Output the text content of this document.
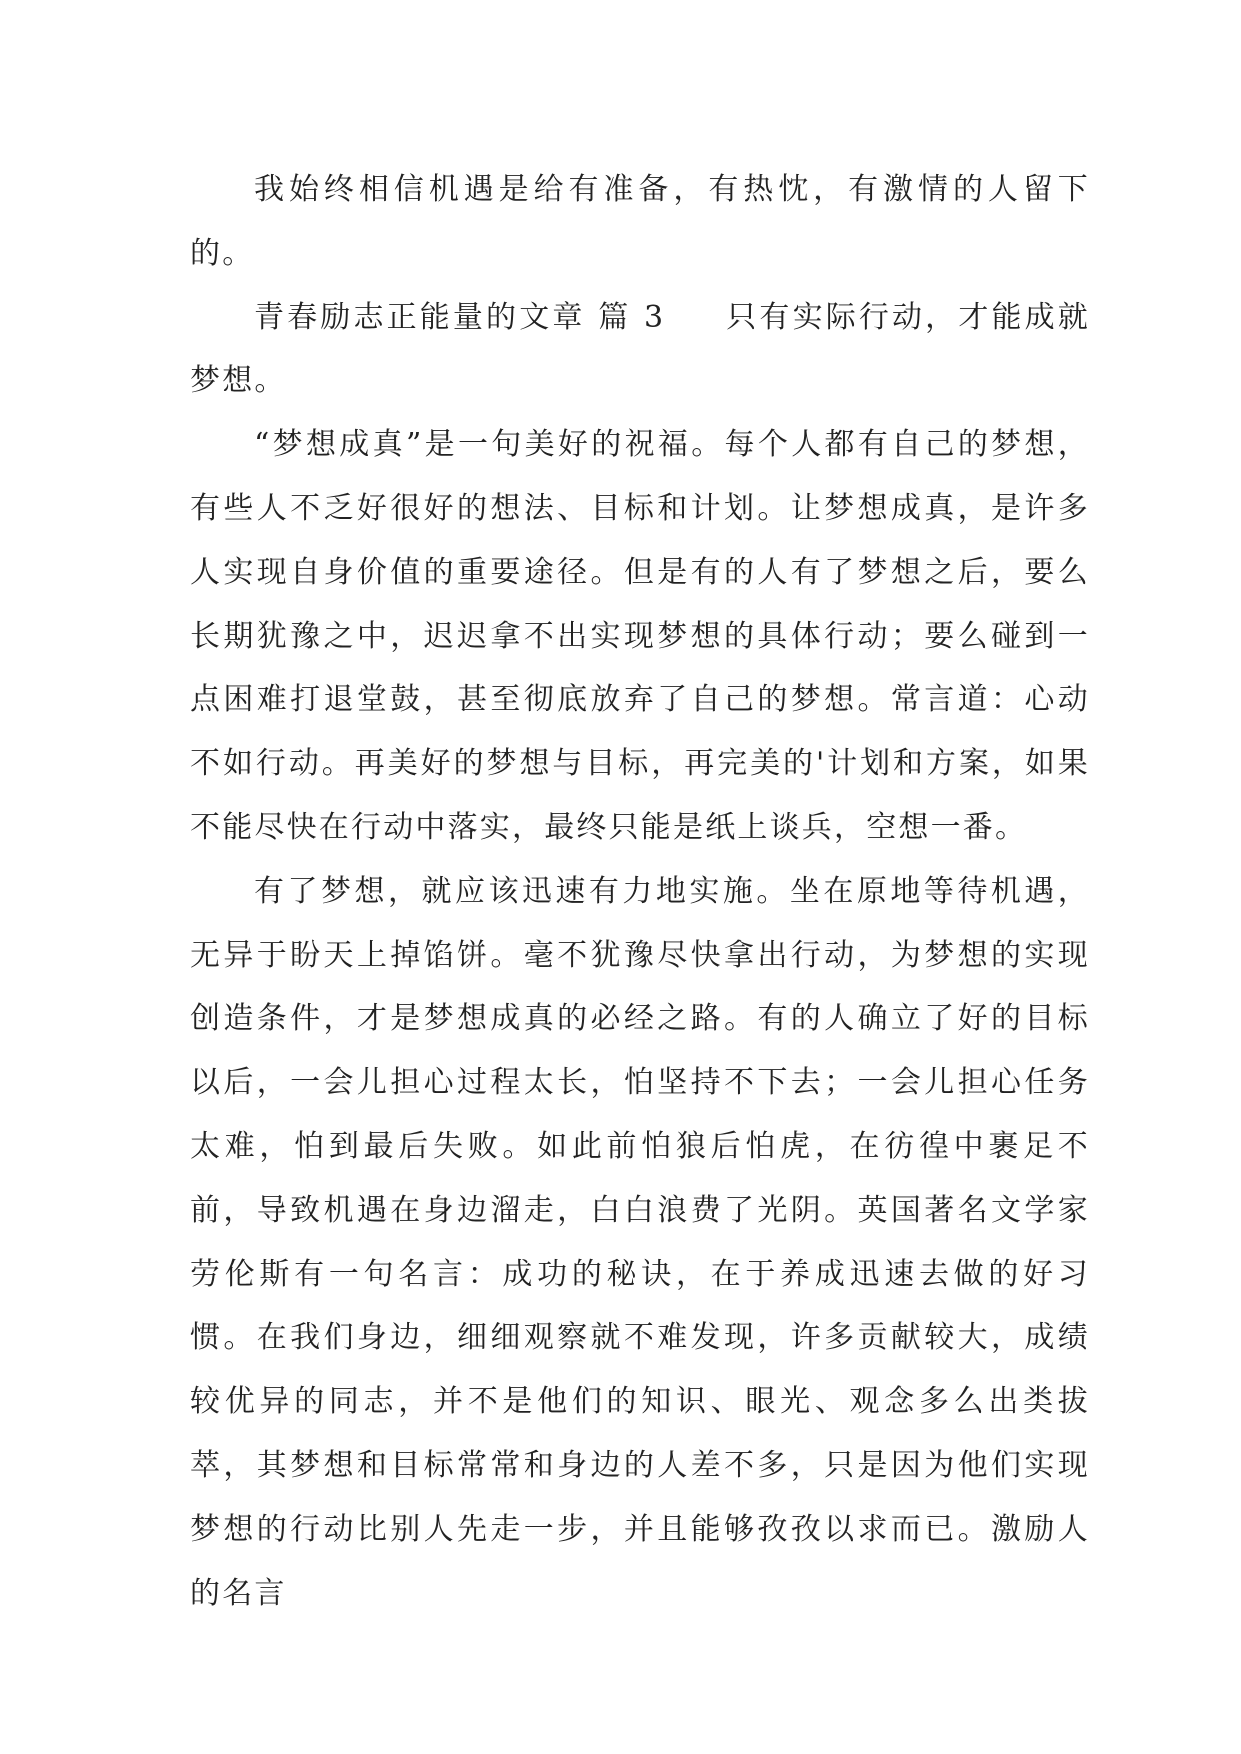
我始终相信机遇是给有准备，有热忱，有激情的人留下的。

青春励志正能量的文章 篇 3 只有实际行动，才能成就梦想。

“梦想成真”是一句美好的祝福。每个人都有自己的梦想，有些人不乏好很好的想法、目标和计划。让梦想成真，是许多人实现自身价值的重要途径。但是有的人有了梦想之后，要么长期犹豫之中，迟迟拿不出实现梦想的具体行动；要么碰到一点困难打退堂鼓，甚至彻底放弃了自己的梦想。常言道：心动不如行动。再美好的梦想与目标，再完美的'计划和方案，如果不能尽快在行动中落实，最终只能是纸上谈兵，空想一番。

有了梦想，就应该迅速有力地实施。坐在原地等待机遇，无异于盼天上掉馅饼。毫不犹豫尽快拿出行动，为梦想的实现创造条件，才是梦想成真的必经之路。有的人确立了好的目标以后，一会儿担心过程太长，怕坚持不下去；一会儿担心任务太难，怕到最后失败。如此前怕狼后怕虎，在彷徨中裹足不前，导致机遇在身边溜走，白白浪费了光阴。英国著名文学家劳伦斯有一句名言：成功的秘诀，在于养成迅速去做的好习惯。在我们身边，细细观察就不难发现，许多贡献较大，成绩较优异的同志，并不是他们的知识、眼光、观念多么出类拔萃，其梦想和目标常常和身边的人差不多，只是因为他们实现梦想的行动比别人先走一步，并且能够孜孜以求而已。激励人的名言
